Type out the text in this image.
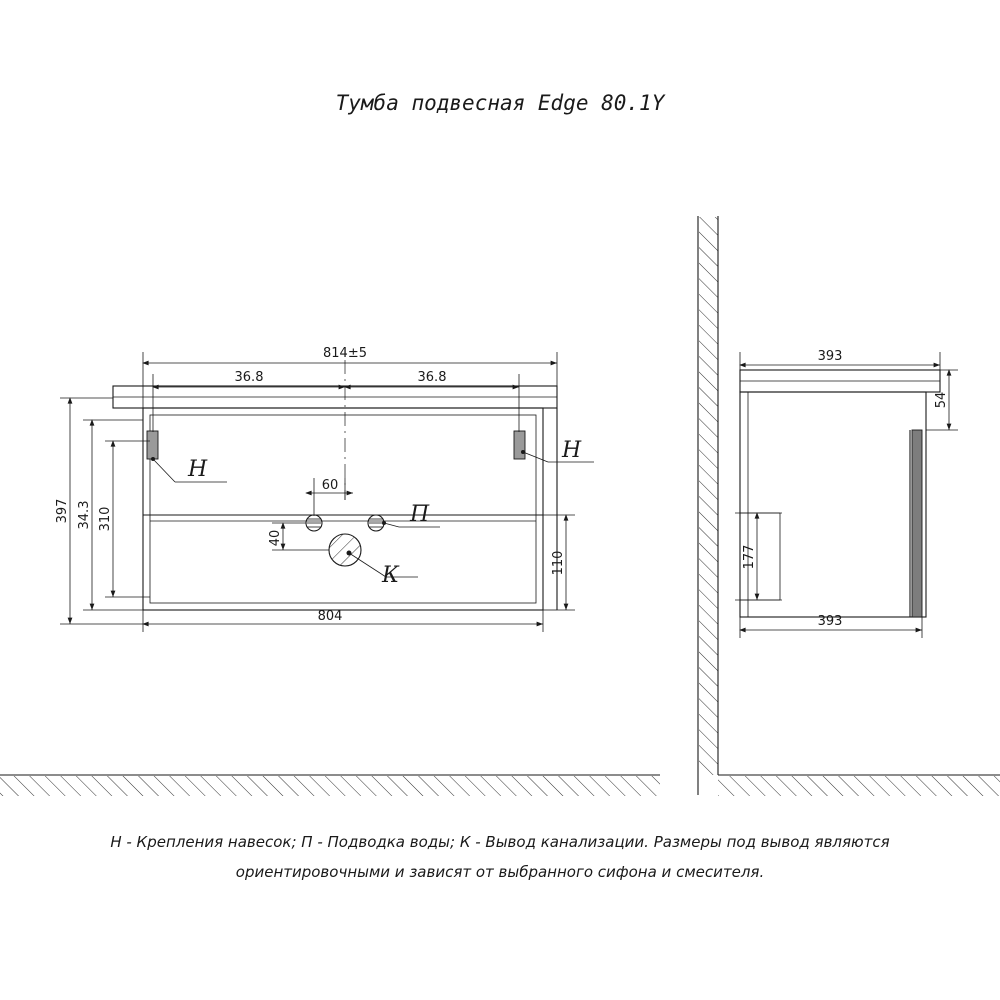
Тумба подвесная Edge 80.1Y
814±5
36.8	36.8
397 34.3 310
110
804
60
40
Н
Н
П
К
393
54
177
393
Н - Крепления навесок; П - Подводка воды; К - Вывод канализации. Размеры под вывод являются
ориентировочными и зависят от выбранного сифона и смесителя.
